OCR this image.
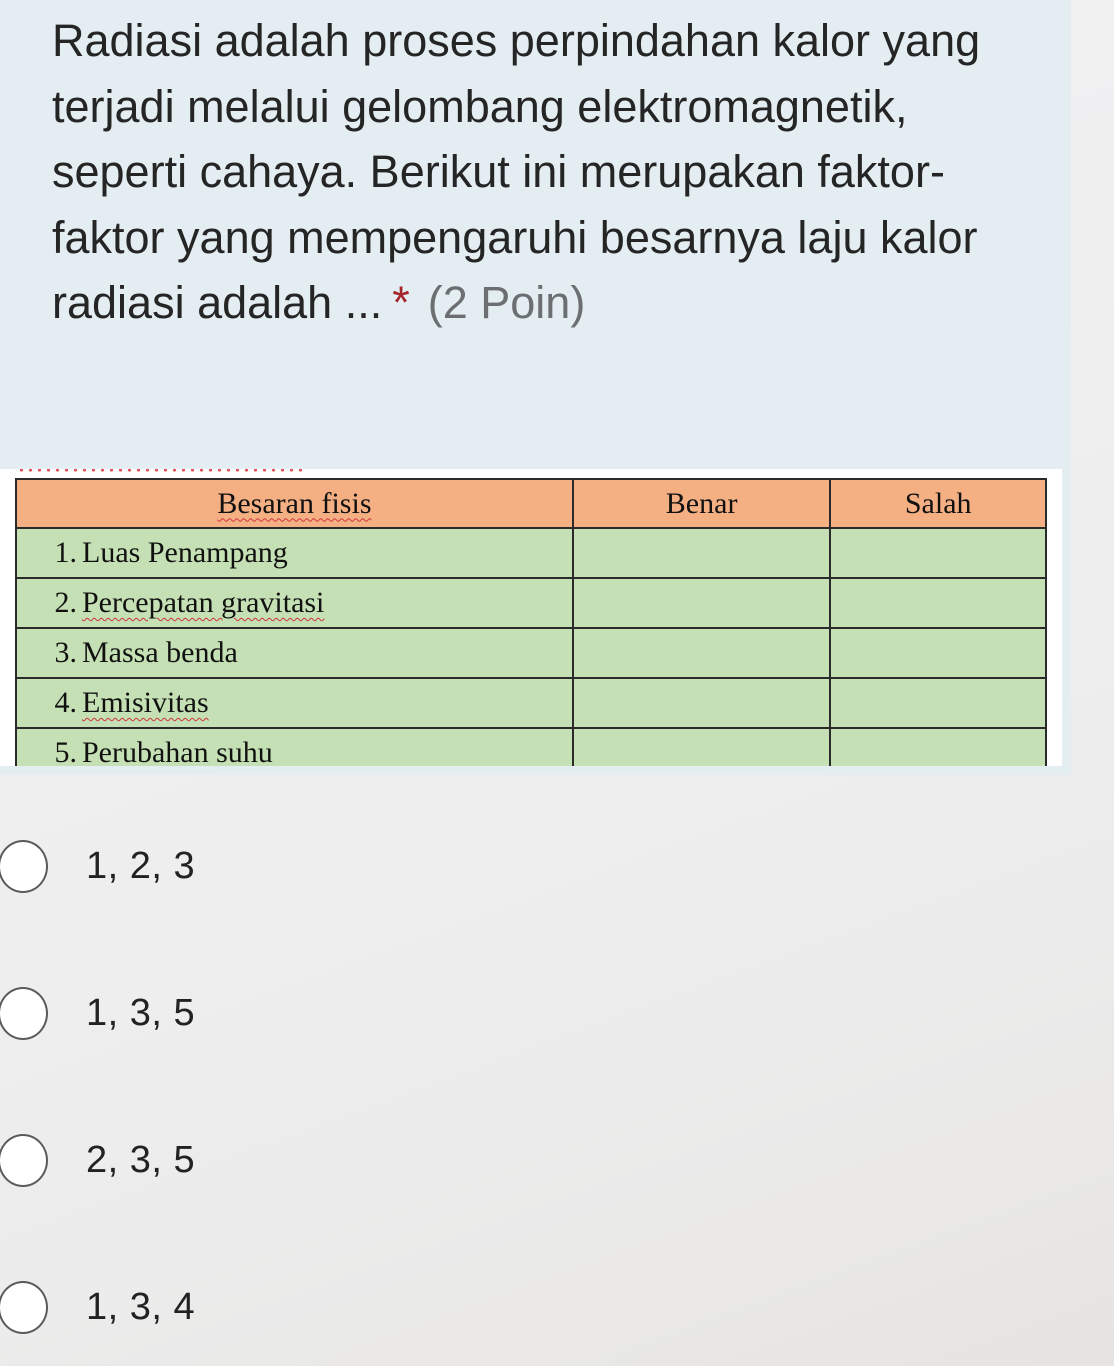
Radiasi adalah proses perpindahan kalor yang terjadi melalui gelombang elektromagnetik, seperti cahaya. Berikut ini merupakan faktor-faktor yang mempengaruhi besarnya laju kalor radiasi adalah ... * (2 Poin)
Besaran fisis	Benar	Salah
1. Luas Penampang		
2. Percepatan gravitasi		
3. Massa benda		
4. Emisivitas		
5. Perubahan suhu		
1, 2, 3
1, 3, 5
2, 3, 5
1, 3, 4
